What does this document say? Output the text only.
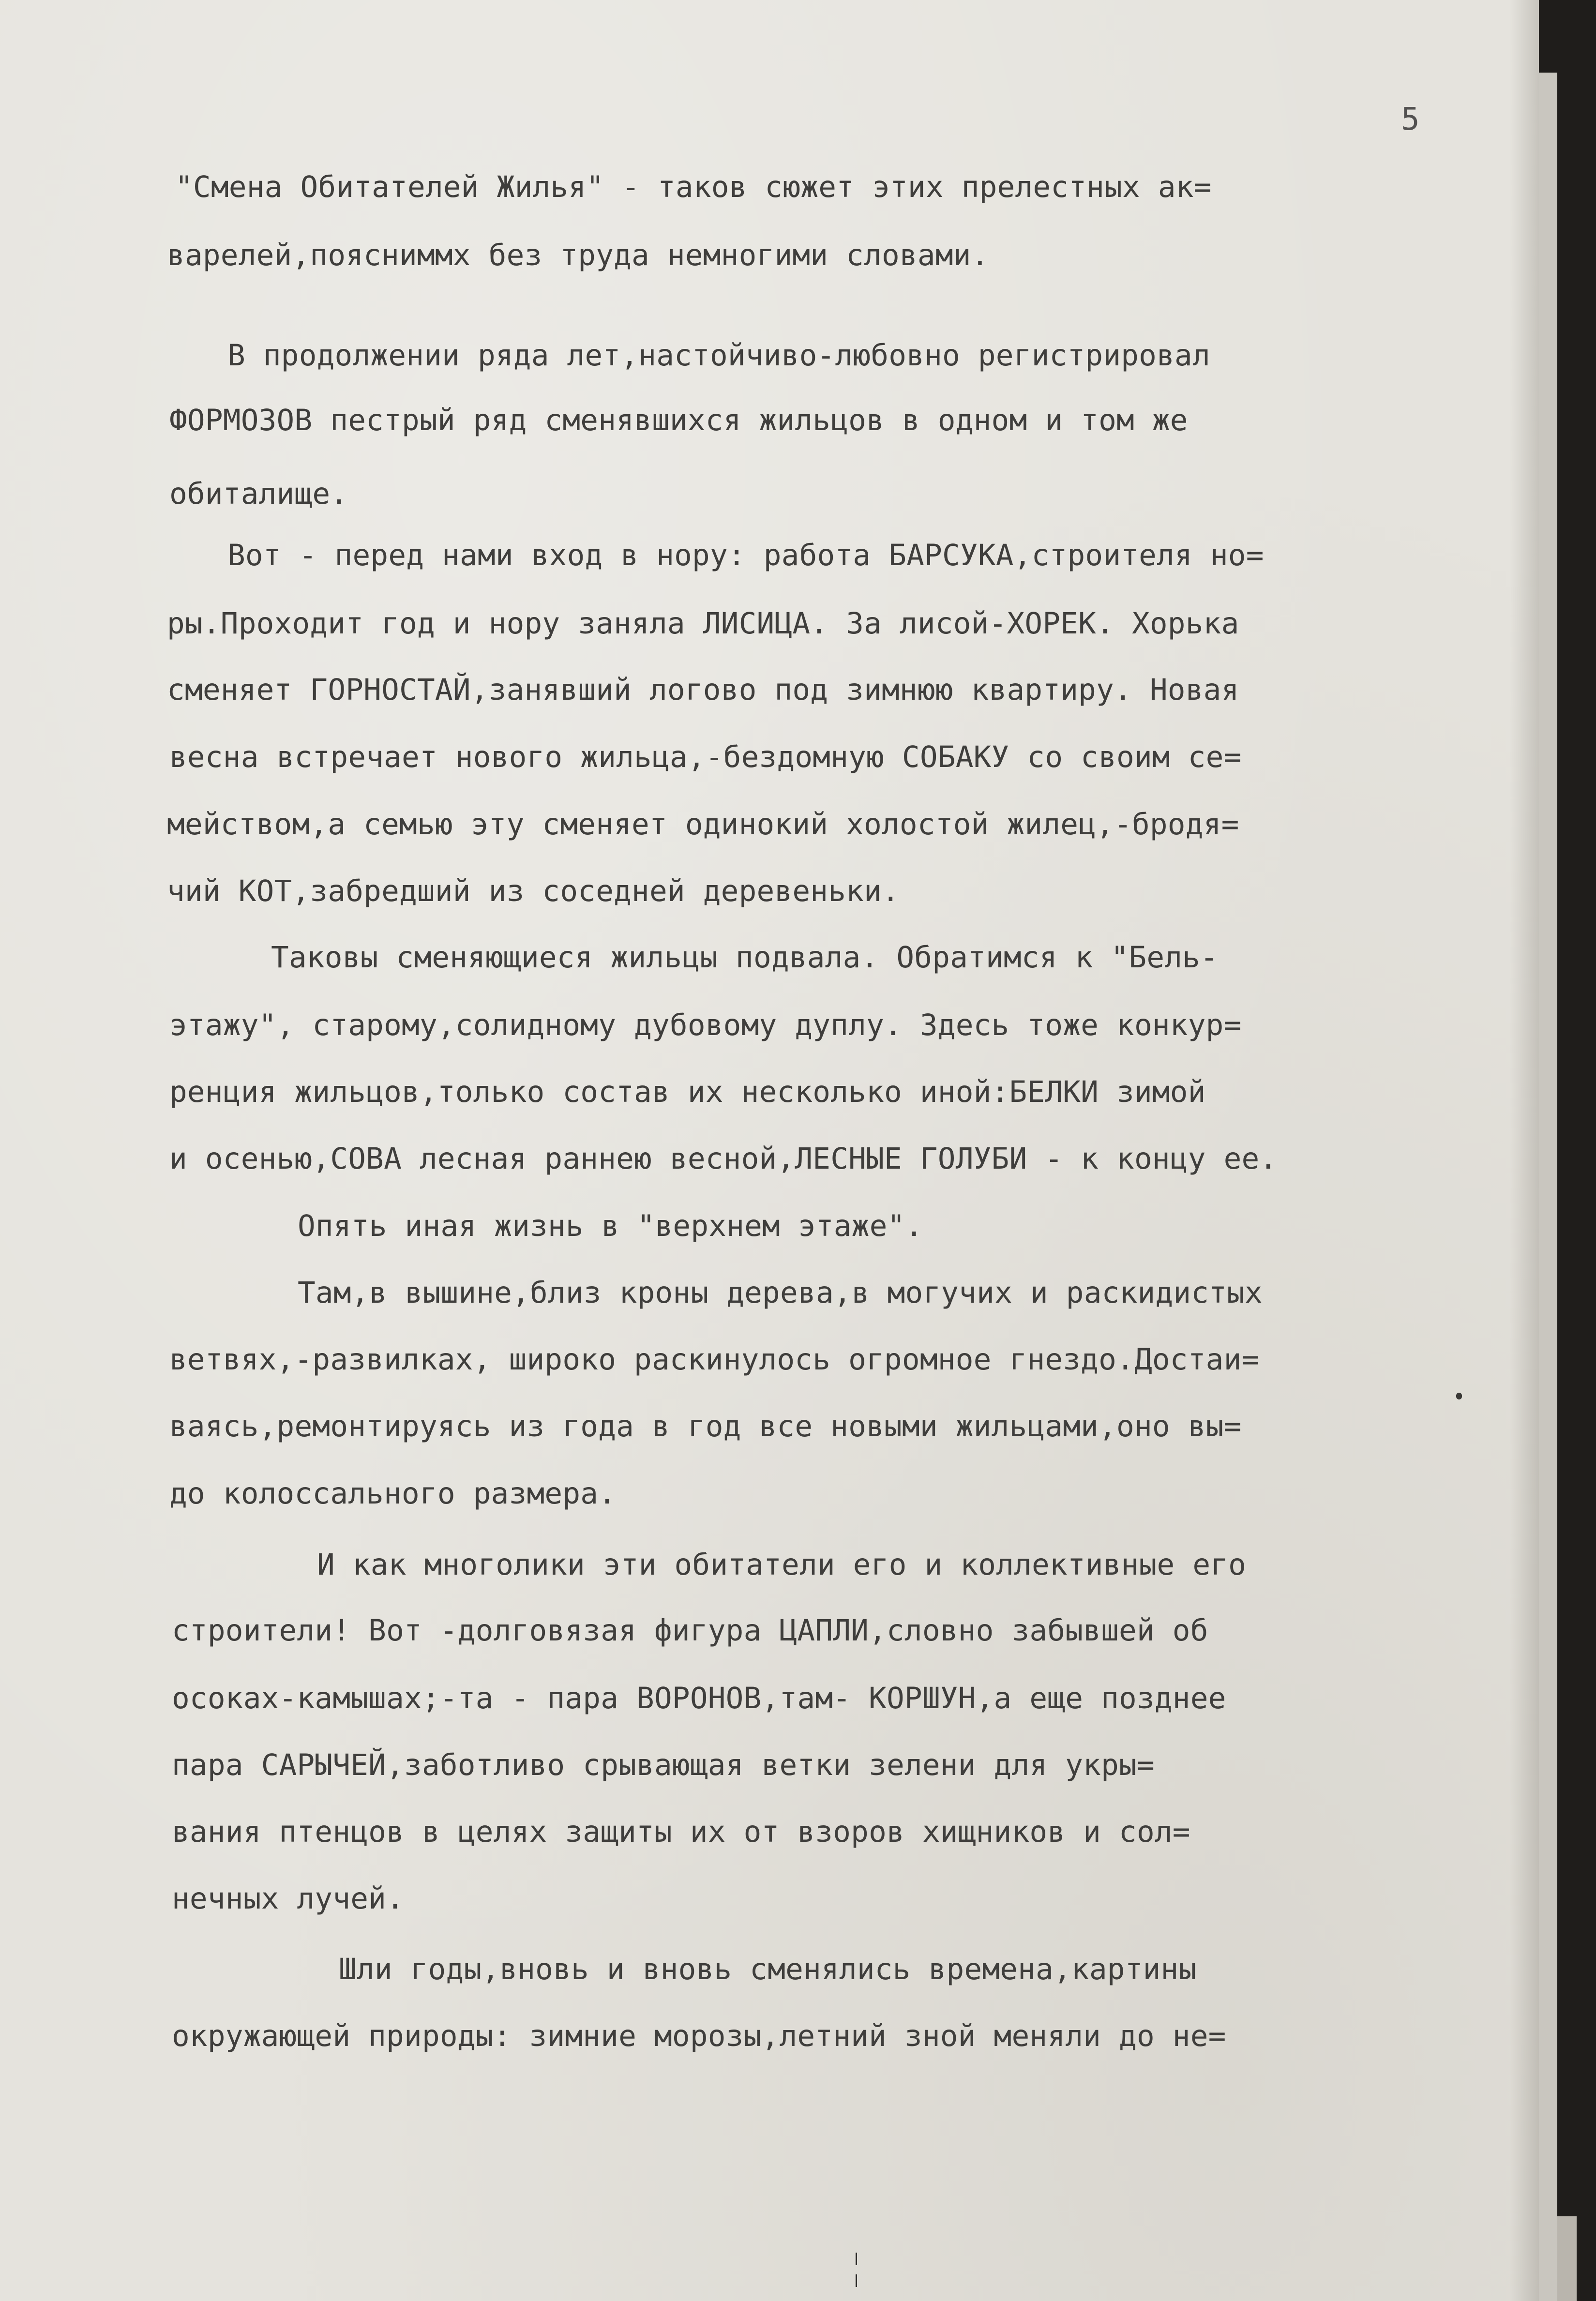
5
"Смена Обитателей Жилья" - таков сюжет этих прелестных ак=
варелей,поясниммх без труда немногими словами.
В продолжении ряда лет,настойчиво-любовно регистрировал
ФОРМОЗОВ пестрый ряд сменявшихся жильцов в одном и том же
обиталище.
Вот - перед нами вход в нору: работа БАРСУКА,строителя но=
ры.Проходит год и нору заняла ЛИСИЦА. За лисой-ХОРЕК. Хорька
сменяет ГОРНОСТАЙ,занявший логово под зимнюю квартиру. Новая
весна встречает нового жильца,-бездомную СОБАКУ со своим се=
мейством,а семью эту сменяет одинокий холостой жилец,-бродя=
чий КОТ,забредший из соседней деревеньки.
Таковы сменяющиеся жильцы подвала. Обратимся к "Бель-
этажу", старому,солидному дубовому дуплу. Здесь тоже конкур=
ренция жильцов,только состав их несколько иной:БЕЛКИ зимой
и осенью,СОВА лесная раннею весной,ЛЕСНЫЕ ГОЛУБИ - к концу ее.
Опять иная жизнь в "верхнем этаже".
Там,в вышине,близ кроны дерева,в могучих и раскидистых
ветвях,-развилках, широко раскинулось огромное гнездо.Достаи=
ваясь,ремонтируясь из года в год все новыми жильцами,оно вы=
до колоссального размера.
И как многолики эти обитатели его и коллективные его
строители! Вот -долговязая фигура ЦАПЛИ,словно забывшей об
осоках-камышах;-та - пара ВОРОНОВ,там- КОРШУН,а еще позднее
пара САРЫЧЕЙ,заботливо срывающая ветки зелени для укры=
вания птенцов в целях защиты их от взоров хищников и сол=
нечных лучей.
Шли годы,вновь и вновь сменялись времена,картины
окружающей природы: зимние морозы,летний зной меняли до не=
